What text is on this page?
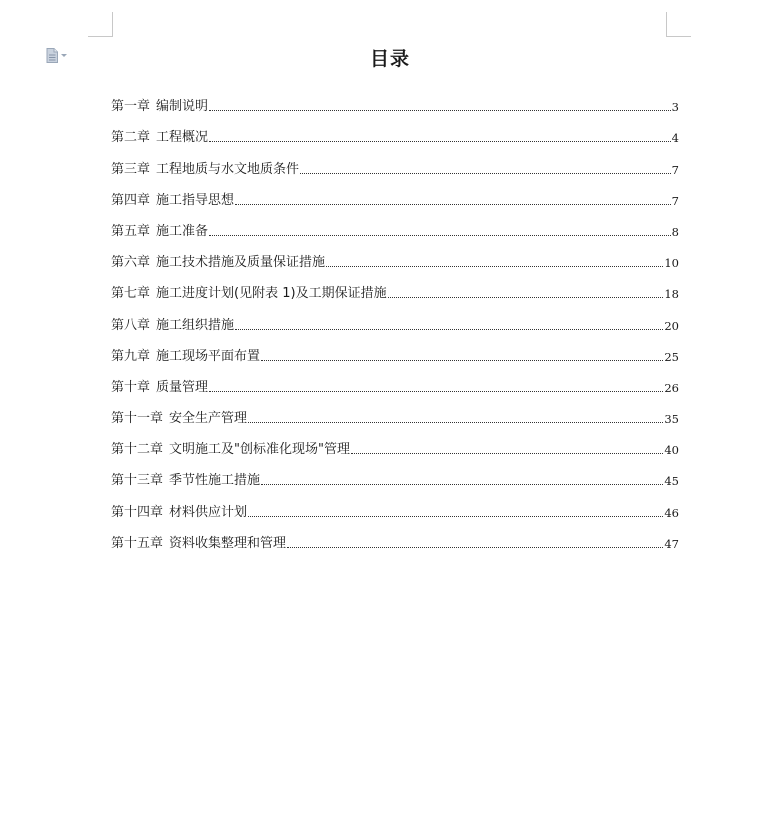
目录
第一章 编制说明	3
第二章 工程概况	4
第三章 工程地质与水文地质条件	7
第四章 施工指导思想	7
第五章 施工准备	8
第六章 施工技术措施及质量保证措施	10
第七章 施工进度计划(见附表 1)及工期保证措施	18
第八章 施工组织措施	20
第九章 施工现场平面布置	25
第十章 质量管理	26
第十一章 安全生产管理	35
第十二章 文明施工及"创标准化现场"管理	40
第十三章 季节性施工措施	45
第十四章 材料供应计划	46
第十五章 资料收集整理和管理	47
